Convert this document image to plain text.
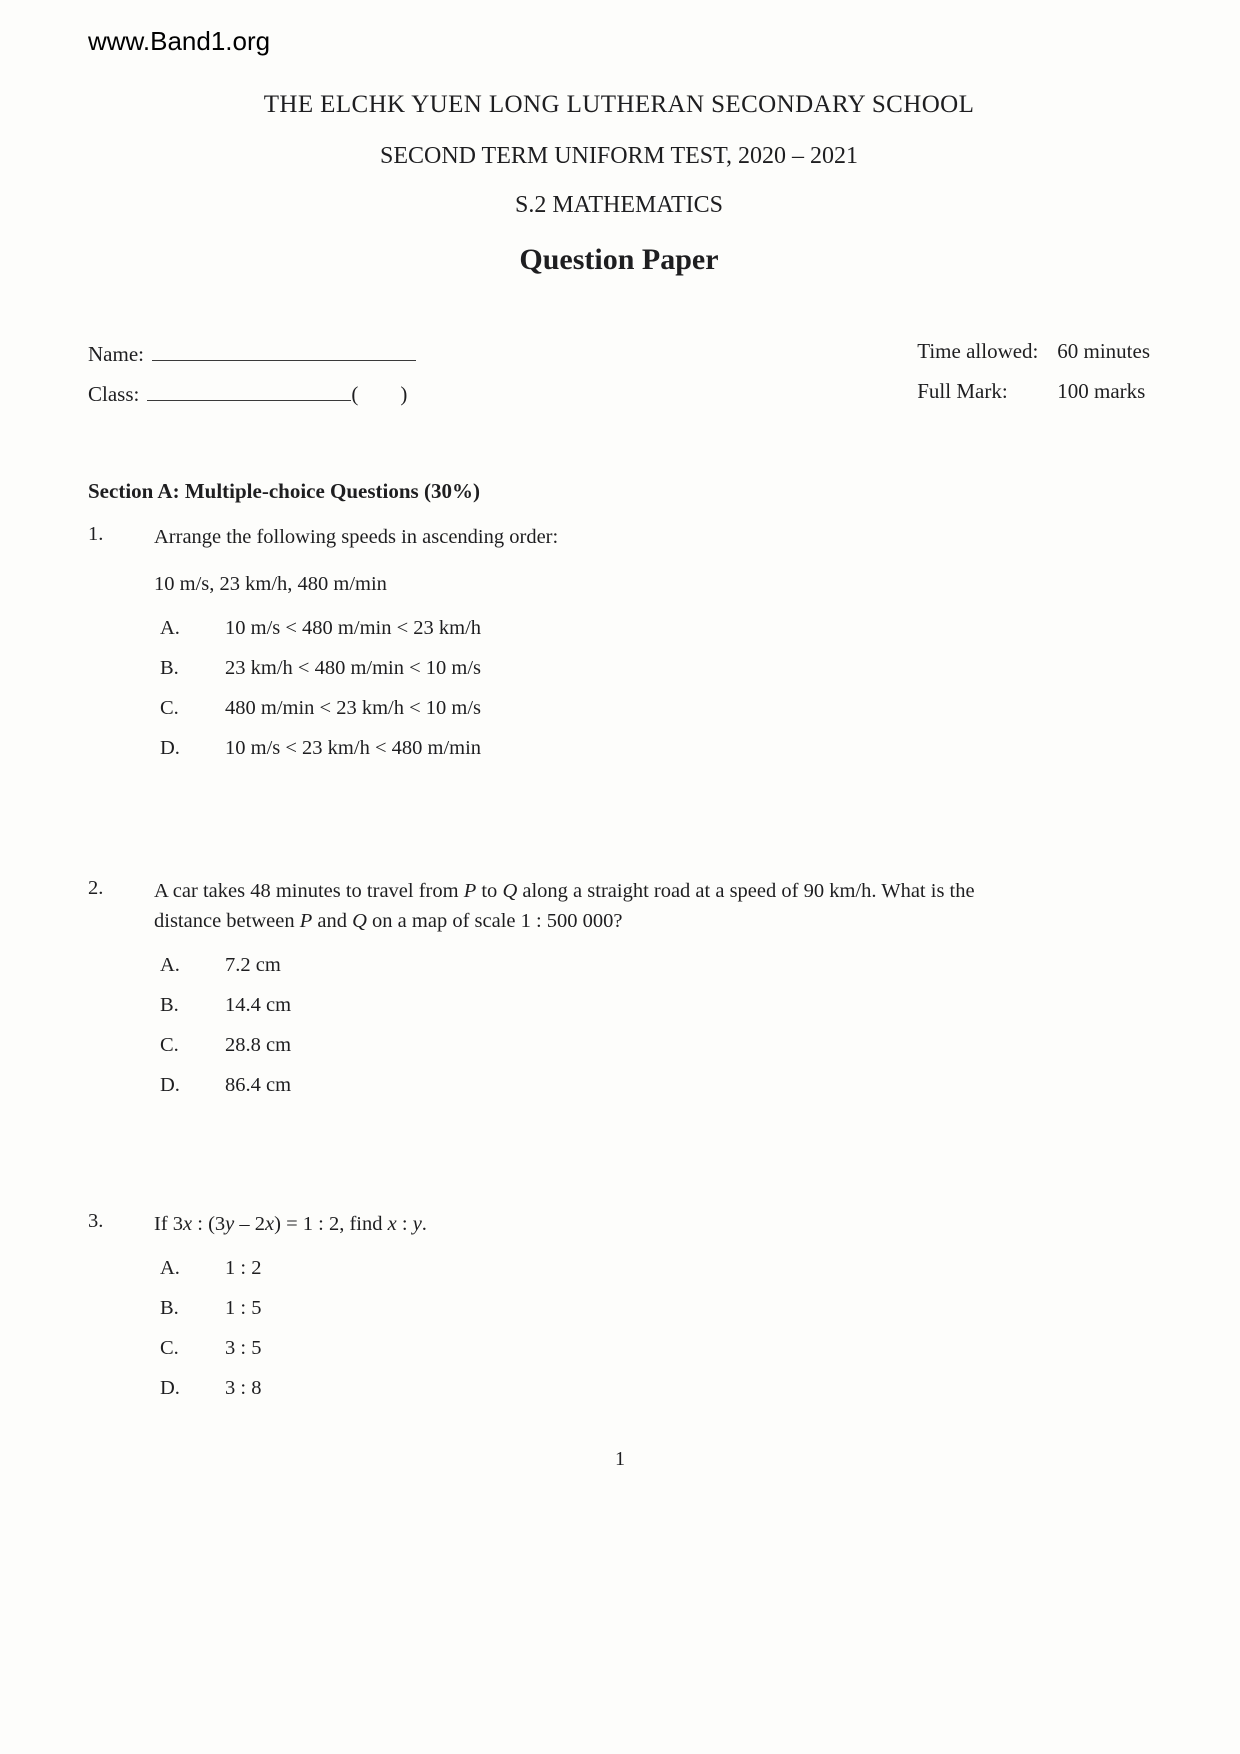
www.Band1.org
THE ELCHK YUEN LONG LUTHERAN SECONDARY SCHOOL
SECOND TERM UNIFORM TEST, 2020 – 2021
S.2 MATHEMATICS
Question Paper
Name:
Class:	(        )
Time allowed: 60 minutes
Full Mark:	100 marks
Section A: Multiple-choice Questions (30%)
1.	Arrange the following speeds in ascending order:
10 m/s, 23 km/h, 480 m/min
A.	10 m/s < 480 m/min < 23 km/h
B.	23 km/h < 480 m/min < 10 m/s
C.	480 m/min < 23 km/h < 10 m/s
D.	10 m/s < 23 km/h < 480 m/min
2.	A car takes 48 minutes to travel from P to Q along a straight road at a speed of 90 km/h. What is the distance between P and Q on a map of scale 1 : 500 000?
A.	7.2 cm
B.	14.4 cm
C.	28.8 cm
D.	86.4 cm
3.	If 3x : (3y – 2x) = 1 : 2, find x : y.
A.	1 : 2
B.	1 : 5
C.	3 : 5
D.	3 : 8
1
